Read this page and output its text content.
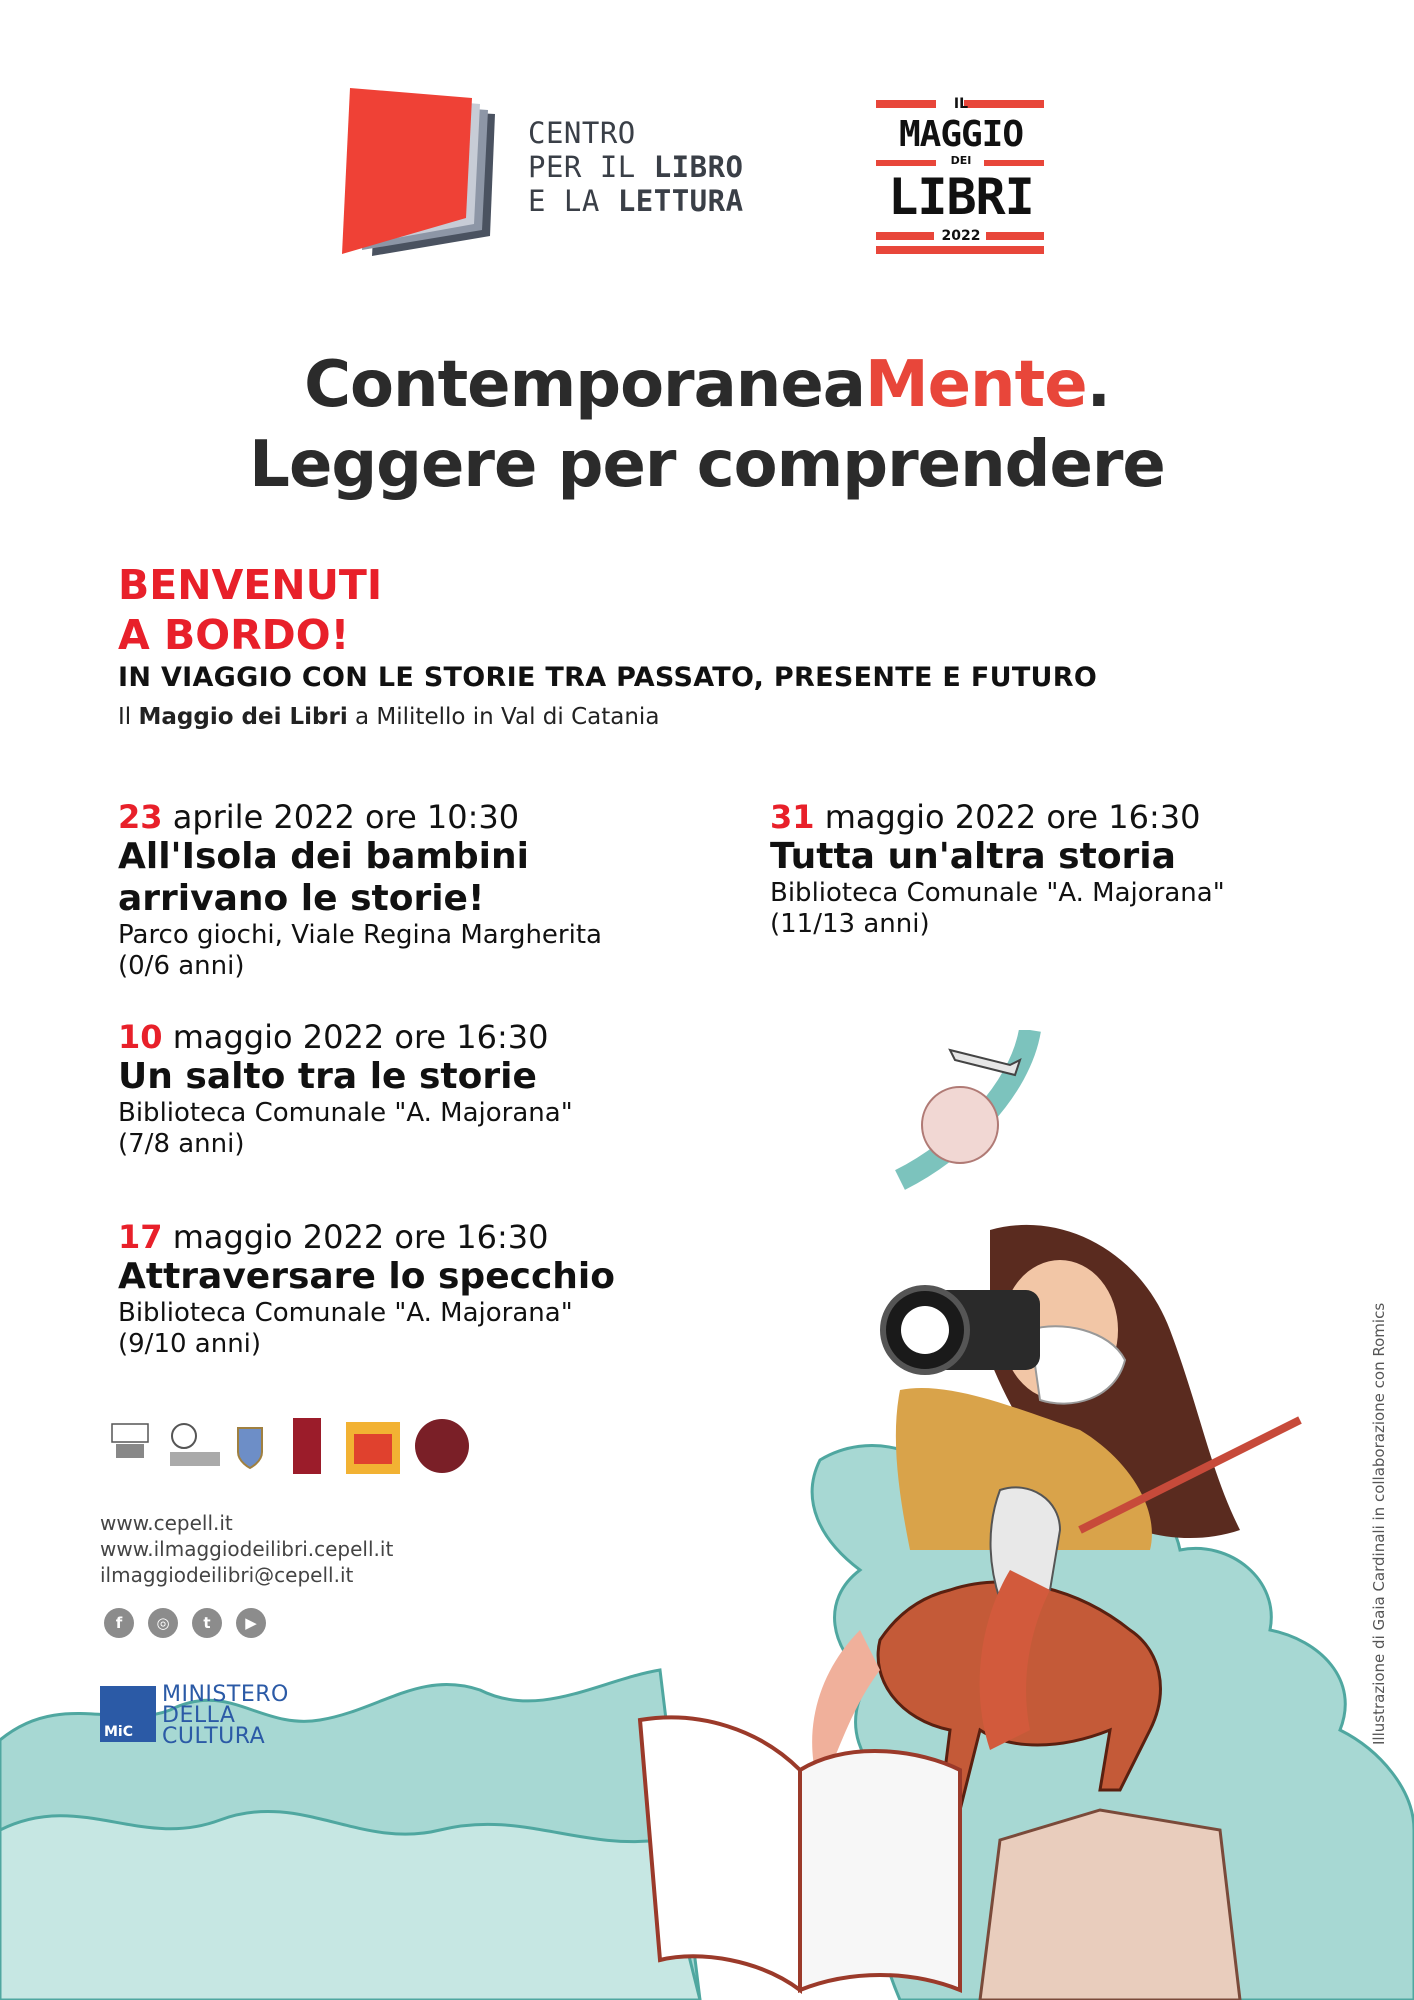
CENTRO
PER IL LIBRO
E LA LETTURA
IL
MAGGIO
DEI
LIBRI
2022
ContemporaneaMente.
Leggere per comprendere
BENVENUTI
A BORDO!
IN VIAGGIO CON LE STORIE TRA PASSATO, PRESENTE E FUTURO
Il Maggio dei Libri a Militello in Val di Catania
23 aprile 2022 ore 10:30
All'Isola dei bambini arrivano le storie!
Parco giochi, Viale Regina Margherita
(0/6 anni)
10 maggio 2022 ore 16:30
Un salto tra le storie
Biblioteca Comunale "A. Majorana"
(7/8 anni)
17 maggio 2022 ore 16:30
Attraversare lo specchio
Biblioteca Comunale "A. Majorana"
(9/10 anni)
31 maggio 2022 ore 16:30
Tutta un'altra storia
Biblioteca Comunale "A. Majorana"
(11/13 anni)
www.cepell.it
www.ilmaggiodeilibri.cepell.it
ilmaggiodeilibri@cepell.it
f ◎ t ▶
MiC
MINISTERO
DELLA
CULTURA	Illustrazione di Gaia Cardinali in collaborazione con Romics
